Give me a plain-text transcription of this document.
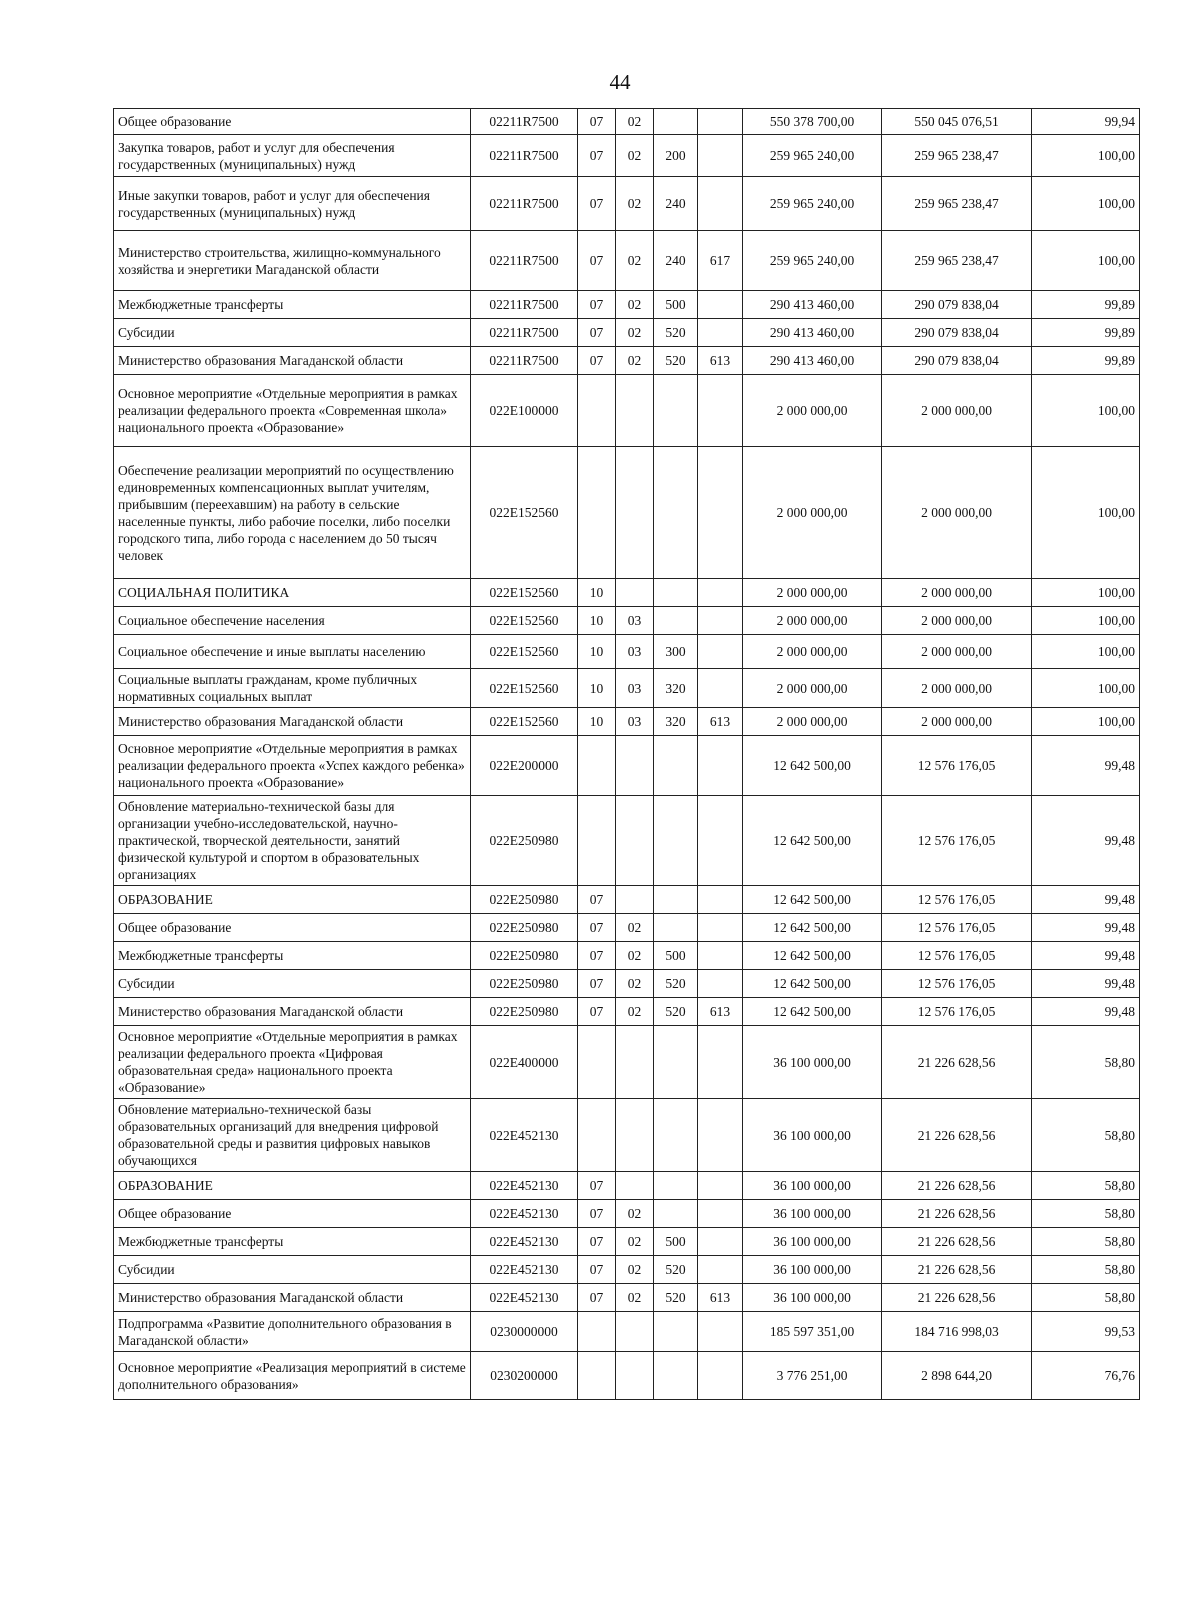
44
Общее образование	02211R7500	07	02			550 378 700,00	550 045 076,51	99,94
Закупка товаров, работ и услуг для обеспечения государственных (муниципальных) нужд	02211R7500	07	02	200		259 965 240,00	259 965 238,47	100,00
Иные закупки товаров, работ и услуг для обеспечения государственных (муниципальных) нужд	02211R7500	07	02	240		259 965 240,00	259 965 238,47	100,00
Министерство строительства, жилищно-коммунального хозяйства и энергетики Магаданской области	02211R7500	07	02	240	617	259 965 240,00	259 965 238,47	100,00
Межбюджетные трансферты	02211R7500	07	02	500		290 413 460,00	290 079 838,04	99,89
Субсидии	02211R7500	07	02	520		290 413 460,00	290 079 838,04	99,89
Министерство образования Магаданской области	02211R7500	07	02	520	613	290 413 460,00	290 079 838,04	99,89
Основное мероприятие «Отдельные мероприятия в рамках реализации федерального проекта «Современная школа» национального проекта «Образование»	022E100000					2 000 000,00	2 000 000,00	100,00
Обеспечение реализации мероприятий по осуществлению единовременных компенсационных выплат учителям, прибывшим (переехавшим) на работу в сельские населенные пункты, либо рабочие поселки, либо поселки городского типа, либо города с населением до 50 тысяч человек	022E152560					2 000 000,00	2 000 000,00	100,00
СОЦИАЛЬНАЯ ПОЛИТИКА	022E152560	10				2 000 000,00	2 000 000,00	100,00
Социальное обеспечение населения	022E152560	10	03			2 000 000,00	2 000 000,00	100,00
Социальное обеспечение и иные выплаты населению	022E152560	10	03	300		2 000 000,00	2 000 000,00	100,00
Социальные выплаты гражданам, кроме публичных нормативных социальных выплат	022E152560	10	03	320		2 000 000,00	2 000 000,00	100,00
Министерство образования Магаданской области	022E152560	10	03	320	613	2 000 000,00	2 000 000,00	100,00
Основное мероприятие «Отдельные мероприятия в рамках реализации федерального проекта «Успех каждого ребенка» национального проекта «Образование»	022E200000					12 642 500,00	12 576 176,05	99,48
Обновление материально-технической базы для организации учебно-исследовательской, научно-практической, творческой деятельности, занятий физической культурой и спортом в образовательных организациях	022E250980					12 642 500,00	12 576 176,05	99,48
ОБРАЗОВАНИЕ	022E250980	07				12 642 500,00	12 576 176,05	99,48
Общее образование	022E250980	07	02			12 642 500,00	12 576 176,05	99,48
Межбюджетные трансферты	022E250980	07	02	500		12 642 500,00	12 576 176,05	99,48
Субсидии	022E250980	07	02	520		12 642 500,00	12 576 176,05	99,48
Министерство образования Магаданской области	022E250980	07	02	520	613	12 642 500,00	12 576 176,05	99,48
Основное мероприятие «Отдельные мероприятия в рамках реализации федерального проекта «Цифровая образовательная среда» национального проекта «Образование»	022E400000					36 100 000,00	21 226 628,56	58,80
Обновление материально-технической базы образовательных организаций для внедрения цифровой образовательной среды и развития цифровых навыков обучающихся	022E452130					36 100 000,00	21 226 628,56	58,80
ОБРАЗОВАНИЕ	022E452130	07				36 100 000,00	21 226 628,56	58,80
Общее образование	022E452130	07	02			36 100 000,00	21 226 628,56	58,80
Межбюджетные трансферты	022E452130	07	02	500		36 100 000,00	21 226 628,56	58,80
Субсидии	022E452130	07	02	520		36 100 000,00	21 226 628,56	58,80
Министерство образования Магаданской области	022E452130	07	02	520	613	36 100 000,00	21 226 628,56	58,80
Подпрограмма «Развитие дополнительного образования в Магаданской области»	0230000000					185 597 351,00	184 716 998,03	99,53
Основное мероприятие «Реализация мероприятий в системе дополнительного образования»	0230200000					3 776 251,00	2 898 644,20	76,76
